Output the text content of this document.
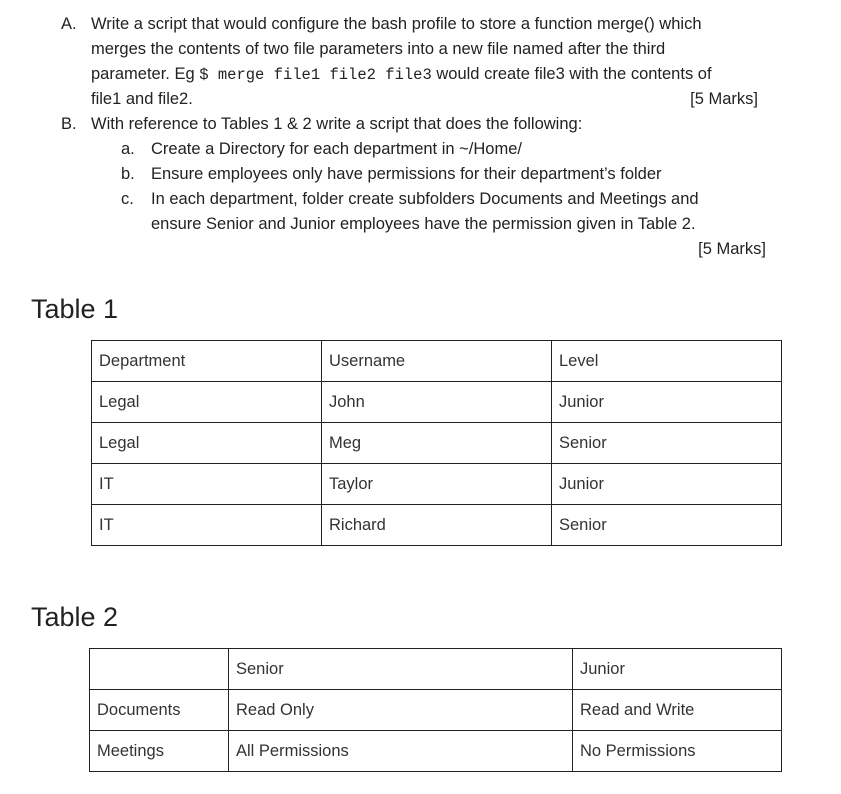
A. Write a script that would configure the bash profile to store a function merge() which
merges the contents of two file parameters into a new file named after the third
parameter. Eg $ merge file1 file2 file3 would create file3 with the contents of
file1 and file2.	[5 Marks]
B. With reference to Tables 1 & 2 write a script that does the following:
a. Create a Directory for each department in ~/Home/
b. Ensure employees only have permissions for their department’s folder
c. In each department, folder create subfolders Documents and Meetings and
ensure Senior and Junior employees have the permission given in Table 2.
[5 Marks]
Table 1
Department	Username	Level
Legal	John	Junior
Legal	Meg	Senior
IT	Taylor	Junior
IT	Richard	Senior
Table 2
	Senior	Junior
Documents	Read Only	Read and Write
Meetings	All Permissions	No Permissions
